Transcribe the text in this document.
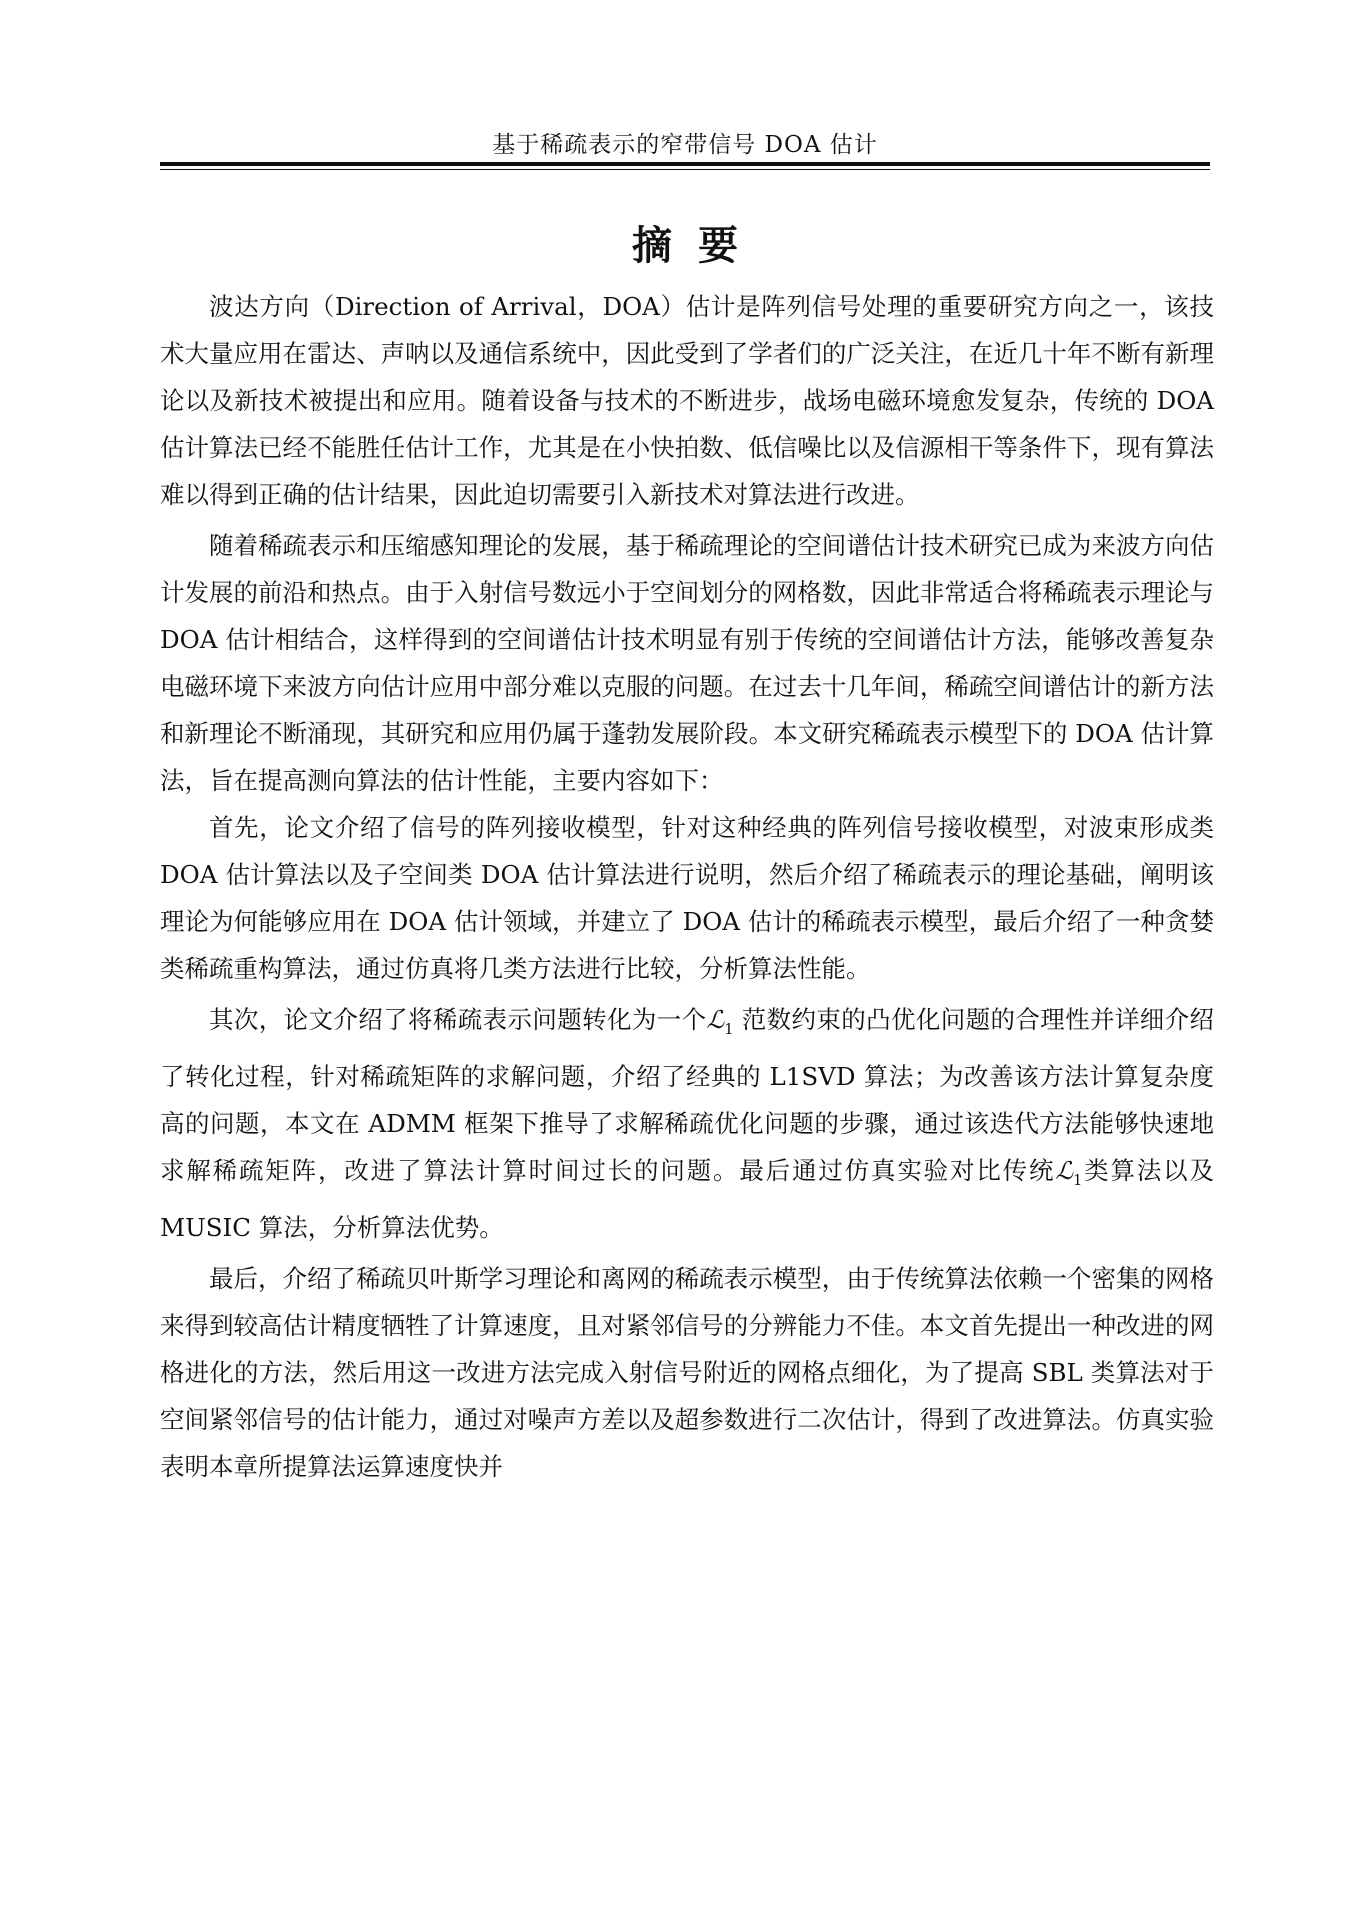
基于稀疏表示的窄带信号 DOA 估计
摘要

波达方向（Direction of Arrival，DOA）估计是阵列信号处理的重要研究方向之一，该技术大量应用在雷达、声呐以及通信系统中，因此受到了学者们的广泛关注，在近几十年不断有新理论以及新技术被提出和应用。随着设备与技术的不断进步，战场电磁环境愈发复杂，传统的 DOA 估计算法已经不能胜任估计工作，尤其是在小快拍数、低信噪比以及信源相干等条件下，现有算法难以得到正确的估计结果，因此迫切需要引入新技术对算法进行改进。

随着稀疏表示和压缩感知理论的发展，基于稀疏理论的空间谱估计技术研究已成为来波方向估计发展的前沿和热点。由于入射信号数远小于空间划分的网格数，因此非常适合将稀疏表示理论与 DOA 估计相结合，这样得到的空间谱估计技术明显有别于传统的空间谱估计方法，能够改善复杂电磁环境下来波方向估计应用中部分难以克服的问题。在过去十几年间，稀疏空间谱估计的新方法和新理论不断涌现，其研究和应用仍属于蓬勃发展阶段。本文研究稀疏表示模型下的 DOA 估计算法，旨在提高测向算法的估计性能，主要内容如下：

首先，论文介绍了信号的阵列接收模型，针对这种经典的阵列信号接收模型，对波束形成类 DOA 估计算法以及子空间类 DOA 估计算法进行说明，然后介绍了稀疏表示的理论基础，阐明该理论为何能够应用在 DOA 估计领域，并建立了 DOA 估计的稀疏表示模型，最后介绍了一种贪婪类稀疏重构算法，通过仿真将几类方法进行比较，分析算法性能。

其次，论文介绍了将稀疏表示问题转化为一个ℒ$_1$ 范数约束的凸优化问题的合理性并详细介绍了转化过程，针对稀疏矩阵的求解问题，介绍了经典的 L1SVD 算法；为改善该方法计算复杂度高的问题，本文在 ADMM 框架下推导了求解稀疏优化问题的步骤，通过该迭代方法能够快速地求解稀疏矩阵，改进了算法计算时间过长的问题。最后通过仿真实验对比传统ℒ$_1$类算法以及 MUSIC 算法，分析算法优势。

最后，介绍了稀疏贝叶斯学习理论和离网的稀疏表示模型，由于传统算法依赖一个密集的网格来得到较高估计精度牺牲了计算速度，且对紧邻信号的分辨能力不佳。本文首先提出一种改进的网格进化的方法，然后用这一改进方法完成入射信号附近的网格点细化，为了提高 SBL 类算法对于空间紧邻信号的估计能力，通过对噪声方差以及超参数进行二次估计，得到了改进算法。仿真实验表明本章所提算法运算速度快并
